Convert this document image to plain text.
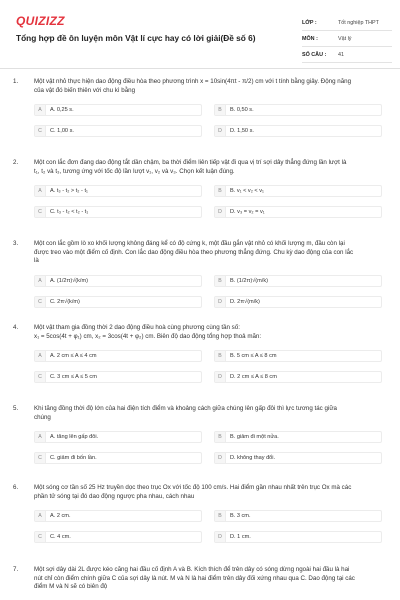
QUIZIZZ
Tổng hợp đề ôn luyện môn Vật lí cực hay có lời giải(Đề số 6)
LỚP :	Tốt nghiệp THPT
MÔN :	Vật lý
SỐ CÂU :	41
1.	Một vật nhỏ thực hiện dao động điều hòa theo phương trình x = 10sin(4πt - π/2) cm với t tính bằng giây. Động năng
của vật đó biến thiên với chu kì bằng
A	A. 0,25 s.	B	B. 0,50 s.
C	C. 1,00 s.	D	D. 1,50 s.
2.	Một con lắc đơn đang dao động tắt dần chậm, ba thời điểm liên tiếp vật đi qua vị trí sợi dây thẳng đứng lần lượt là
t₁, t₂ và t₃, tương ứng với tốc độ lần lượt v₁, v₂ và v₃. Chọn kết luận đúng.
A	A. t₃ - t₂ > t₂ - t₁	B	B. v₁ < v₂ < v₁
C	C. t₃ - t₂ < t₂ - t₁	D	D. v₃ = v₂ = v₁
3.	Một con lắc gồm lò xo khối lượng không đáng kể có độ cứng k, một đầu gắn vật nhỏ có khối lượng m, đầu còn lại
được treo vào một điểm cố định. Con lắc dao động điều hòa theo phương thẳng đứng. Chu kỳ dao động của con lắc
là
A	A. (1/2π)√(k/m)	B	B. (1/2π)√(m/k)
C	C. 2π√(k/m)	D	D. 2π√(m/k)
4.	Một vật tham gia đồng thời 2 dao động điều hoà cùng phương cùng tần số:
x₁ = 5cos(4t + φ₁) cm, x₂ = 3cos(4t + φ₂) cm. Biên độ dao động tổng hợp thoả mãn:
A	A. 2 cm ≤ A ≤ 4 cm	B	B. 5 cm ≤ A ≤ 8 cm
C	C. 3 cm ≤ A ≤ 5 cm	D	D. 2 cm ≤ A ≤ 8 cm
5.	Khi tăng đồng thời độ lớn của hai điện tích điểm và khoảng cách giữa chúng lên gấp đôi thì lực tương tác giữa
chúng
A	A. tăng lên gấp đôi.	B	B. giảm đi một nửa.
C	C. giảm đi bốn lần.	D	D. không thay đổi.
6.	Một sóng cơ tần số 25 Hz truyền dọc theo trục Ox với tốc độ 100 cm/s. Hai điểm gần nhau nhất trên trục Ox mà các
phần tử sóng tại đó dao động ngược pha nhau, cách nhau
A	A. 2 cm.	B	B. 3 cm.
C	C. 4 cm.	D	D. 1 cm.
7.	Một sợi dây dài 2L được kéo căng hai đầu cố định A và B. Kích thích để trên dây có sóng dừng ngoài hai đầu là hai
nút chỉ còn điểm chính giữa C của sợi dây là nút. M và N là hai điểm trên dây đối xứng nhau qua C. Dao động tại các
điểm M và N sẽ có biên độ
